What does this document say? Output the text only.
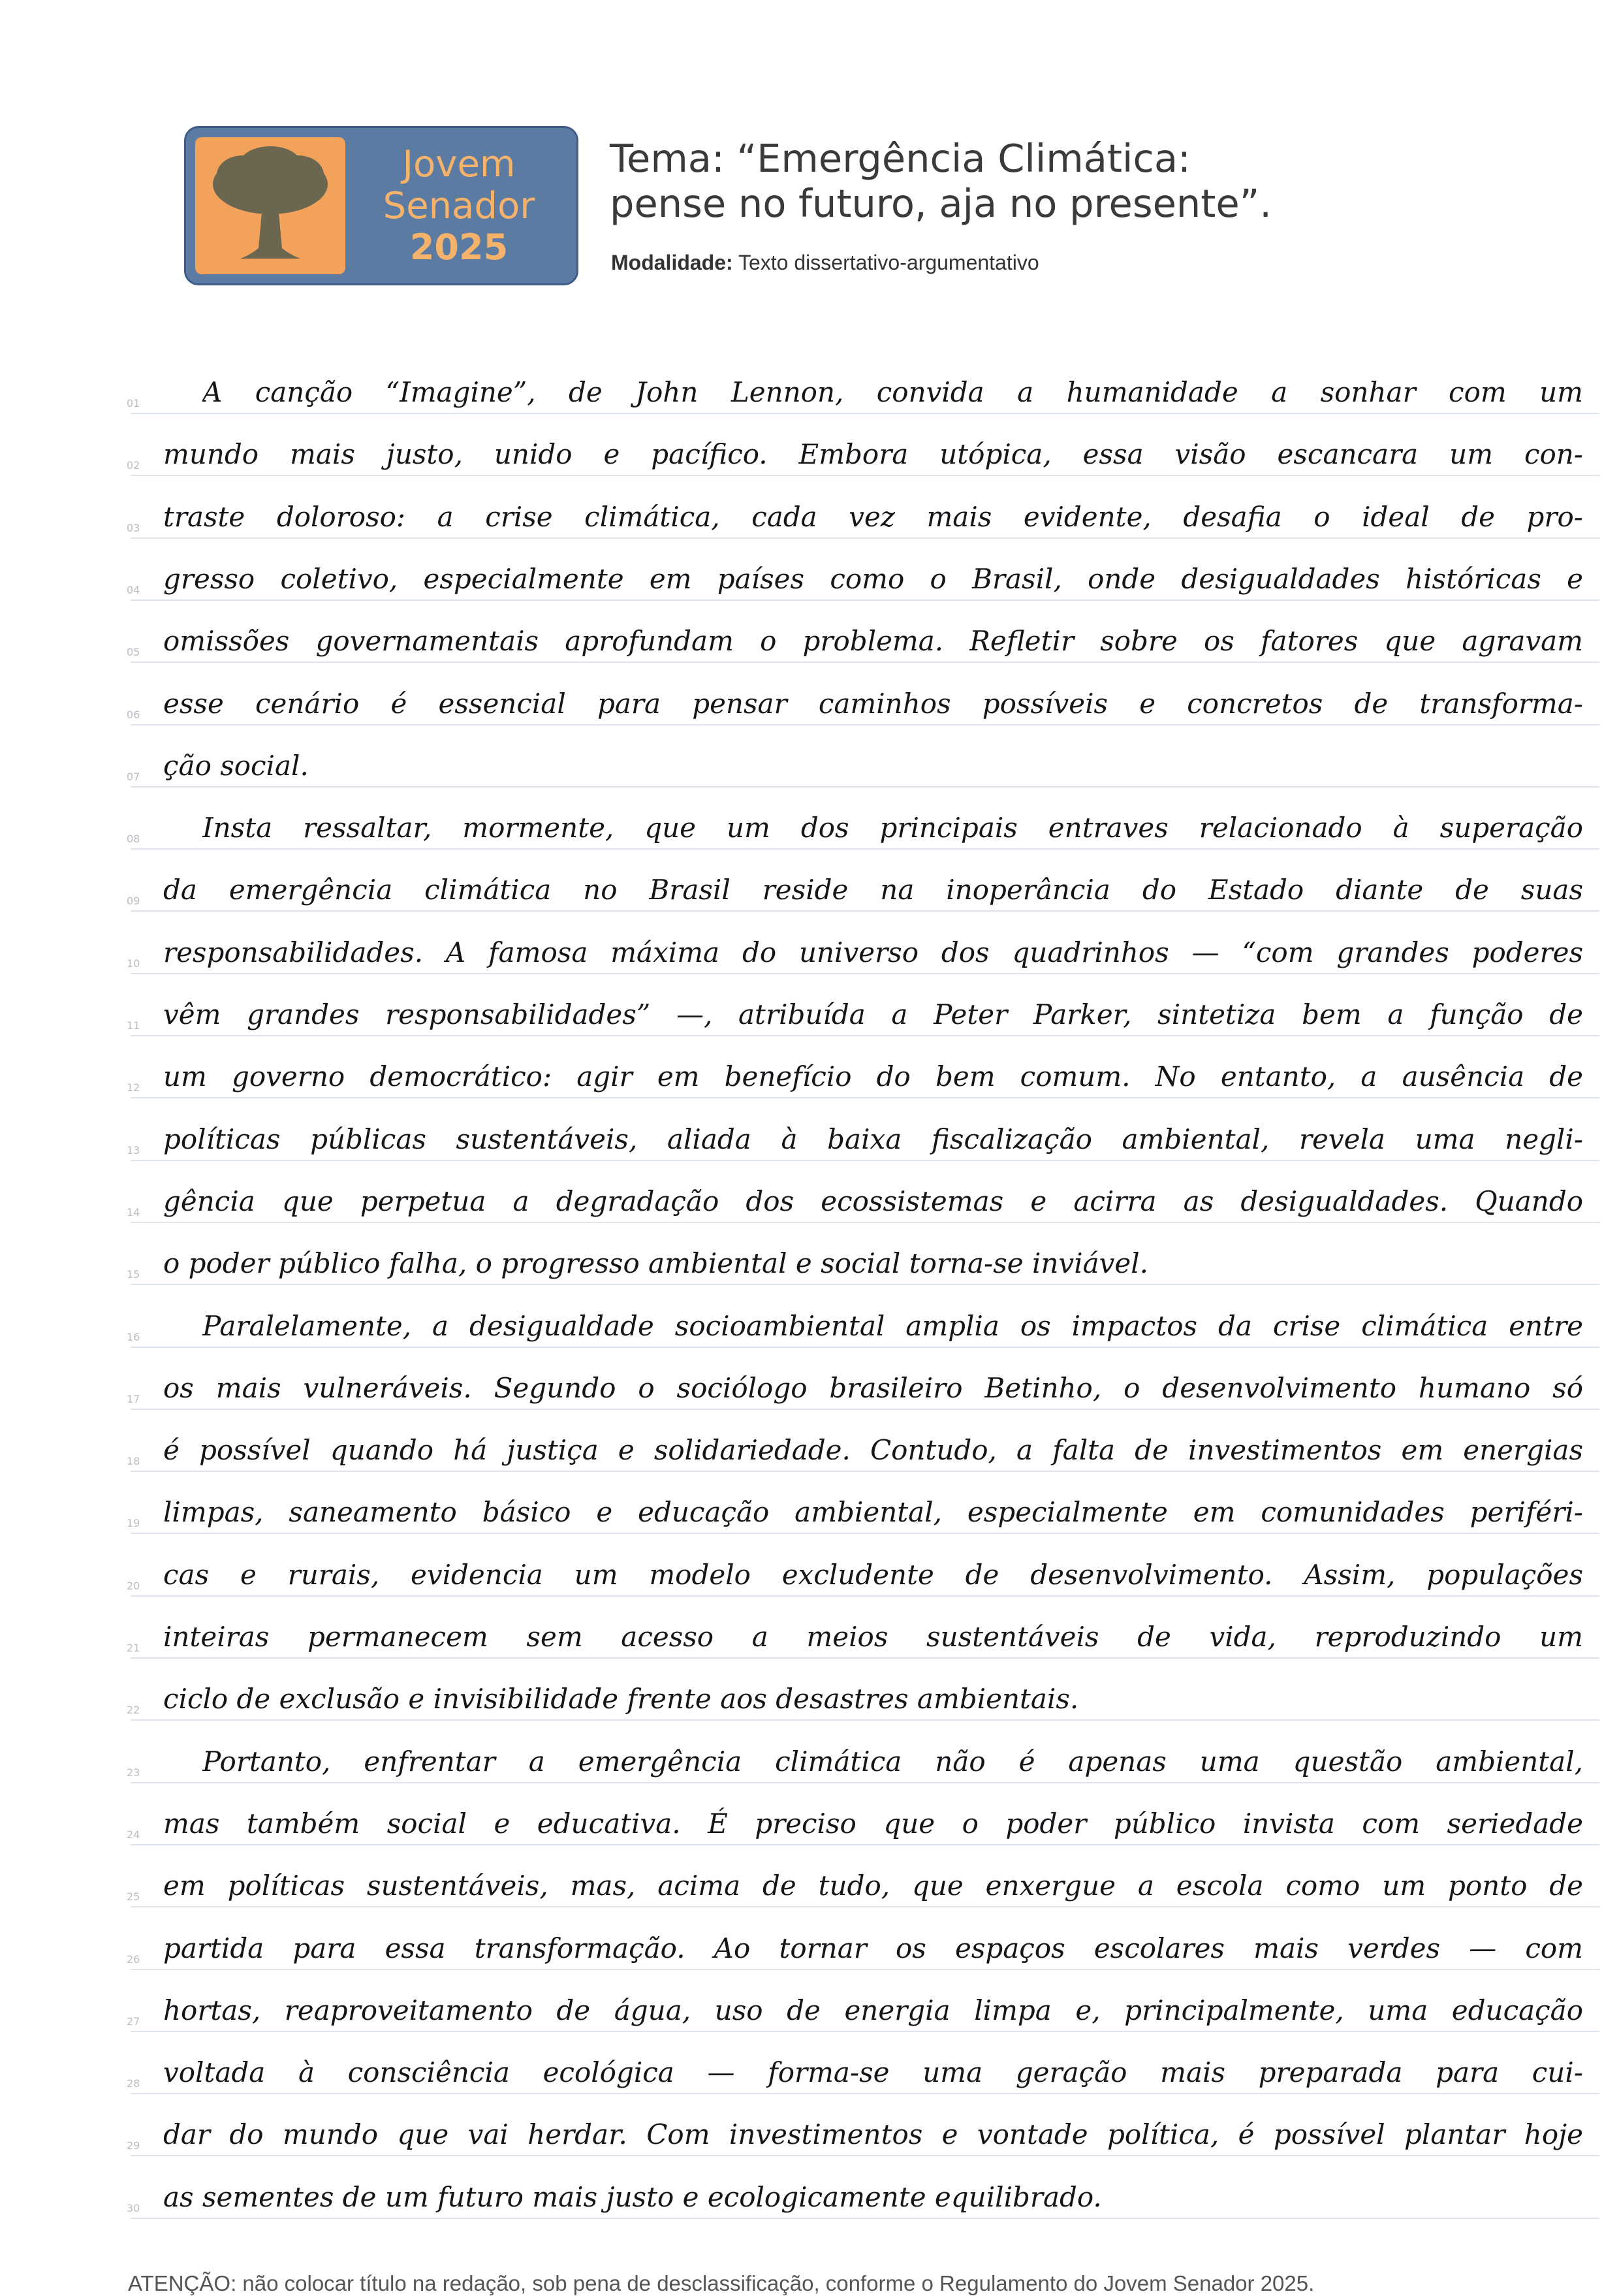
Jovem
Senador
2025
Tema: “Emergência Climática:
pense no futuro, aja no presente”.
Modalidade: Texto dissertativo-argumentativo
01	A canção “Imagine”, de John Lennon, convida a humanidade a sonhar com um
02 mundo mais justo, unido e pacífico. Embora utópica, essa visão escancara um con-
03 traste doloroso: a crise climática, cada vez mais evidente, desafia o ideal de pro-
04 gresso coletivo, especialmente em países como o Brasil, onde desigualdades históricas e
05 omissões governamentais aprofundam o problema. Refletir sobre os fatores que agravam
06 esse cenário é essencial para pensar caminhos possíveis e concretos de transforma-
07 ção social.
08	Insta ressaltar, mormente, que um dos principais entraves relacionado à superação
09 da emergência climática no Brasil reside na inoperância do Estado diante de suas
10 responsabilidades. A famosa máxima do universo dos quadrinhos — “com grandes poderes
11 vêm grandes responsabilidades” —, atribuída a Peter Parker, sintetiza bem a função de
12 um governo democrático: agir em benefício do bem comum. No entanto, a ausência de
13 políticas públicas sustentáveis, aliada à baixa fiscalização ambiental, revela uma negli-
14 gência que perpetua a degradação dos ecossistemas e acirra as desigualdades. Quando
15 o poder público falha, o progresso ambiental e social torna-se inviável.
16	Paralelamente, a desigualdade socioambiental amplia os impactos da crise climática entre
17 os mais vulneráveis. Segundo o sociólogo brasileiro Betinho, o desenvolvimento humano só
18 é possível quando há justiça e solidariedade. Contudo, a falta de investimentos em energias
19 limpas, saneamento básico e educação ambiental, especialmente em comunidades periféri-
20 cas e rurais, evidencia um modelo excludente de desenvolvimento. Assim, populações
21 inteiras permanecem sem acesso a meios sustentáveis de vida, reproduzindo um
22 ciclo de exclusão e invisibilidade frente aos desastres ambientais.
23	Portanto, enfrentar a emergência climática não é apenas uma questão ambiental,
24 mas também social e educativa. É preciso que o poder público invista com seriedade
25 em políticas sustentáveis, mas, acima de tudo, que enxergue a escola como um ponto de
26 partida para essa transformação. Ao tornar os espaços escolares mais verdes — com
27 hortas, reaproveitamento de água, uso de energia limpa e, principalmente, uma educação
28 voltada à consciência ecológica — forma-se uma geração mais preparada para cui-
29 dar do mundo que vai herdar. Com investimentos e vontade política, é possível plantar hoje
30 as sementes de um futuro mais justo e ecologicamente equilibrado.
ATENÇÃO: não colocar título na redação, sob pena de desclassificação, conforme o Regulamento do Jovem Senador 2025.
